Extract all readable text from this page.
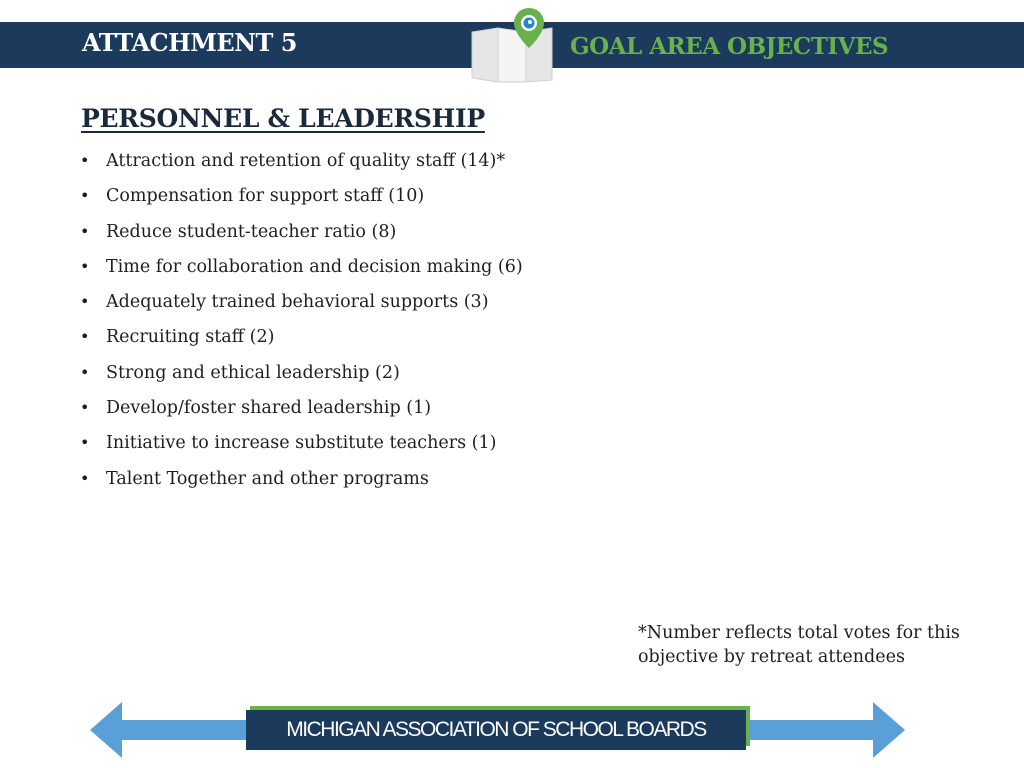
ATTACHMENT 5	GOAL AREA OBJECTIVES
PERSONNEL & LEADERSHIP
• Attraction and retention of quality staff (14)*
• Compensation for support staff (10)
• Reduce student-teacher ratio (8)
• Time for collaboration and decision making (6)
• Adequately trained behavioral supports (3)
• Recruiting staff (2)
• Strong and ethical leadership (2)
• Develop/foster shared leadership (1)
• Initiative to increase substitute teachers (1)
• Talent Together and other programs
*Number reflects total votes for this objective by retreat attendees
MICHIGAN ASSOCIATION OF SCHOOL BOARDS
